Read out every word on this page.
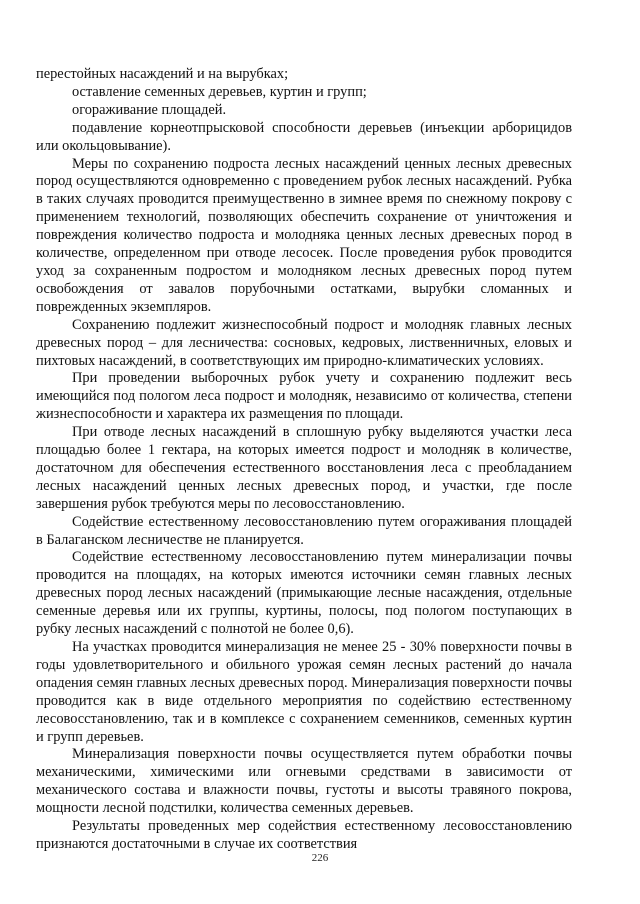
перестойных насаждений и на вырубках;

оставление семенных деревьев, куртин и групп;

огораживание площадей.

подавление корнеотпрысковой способности деревьев (инъекции арборицидов или окольцовывание).

Меры по сохранению подроста лесных насаждений ценных лесных древесных пород осуществляются одновременно с проведением рубок лесных насаждений. Рубка в таких случаях проводится преимущественно в зимнее время по снежному покрову с применением технологий, позволяющих обеспечить сохранение от уничтожения и повреждения количество подроста и молодняка ценных лесных древесных пород в количестве, определенном при отводе лесосек. После проведения рубок проводится уход за сохраненным подростом и молодняком лесных древесных пород путем освобождения от завалов порубочными остатками, вырубки сломанных и поврежденных экземпляров.

Сохранению подлежит жизнеспособный подрост и молодняк главных лесных древесных пород – для лесничества: сосновых, кедровых, лиственничных, еловых и пихтовых насаждений, в соответствующих им природно-климатических условиях.

При проведении выборочных рубок учету и сохранению подлежит весь имеющийся под пологом леса подрост и молодняк, независимо от количества, степени жизнеспособности и характера их размещения по площади.

При отводе лесных насаждений в сплошную рубку выделяются участки леса площадью более 1 гектара, на которых имеется подрост и молодняк в количестве, достаточном для обеспечения естественного восстановления леса с преобладанием лесных насаждений ценных лесных древесных пород, и участки, где после завершения рубок требуются меры по лесовосстановлению.

Содействие естественному лесовосстановлению путем огораживания площадей в Балаганском лесничестве не планируется.

Содействие естественному лесовосстановлению путем минерализации почвы проводится на площадях, на которых имеются источники семян главных лесных древесных пород лесных насаждений (примыкающие лесные насаждения, отдельные семенные деревья или их группы, куртины, полосы, под пологом поступающих в рубку лесных насаждений с полнотой не более 0,6).

На участках проводится минерализация не менее 25 - 30% поверхности почвы в годы удовлетворительного и обильного урожая семян лесных растений до начала опадения семян главных лесных древесных пород. Минерализация поверхности почвы проводится как в виде отдельного мероприятия по содействию естественному лесовосстановлению, так и в комплексе с сохранением семенников, семенных куртин и групп деревьев.

Минерализация поверхности почвы осуществляется путем обработки почвы механическими, химическими или огневыми средствами в зависимости от механического состава и влажности почвы, густоты и высоты травяного покрова, мощности лесной подстилки, количества семенных деревьев.

Результаты проведенных мер содействия естественному лесовосстановлению признаются достаточными в случае их соответствия

226
